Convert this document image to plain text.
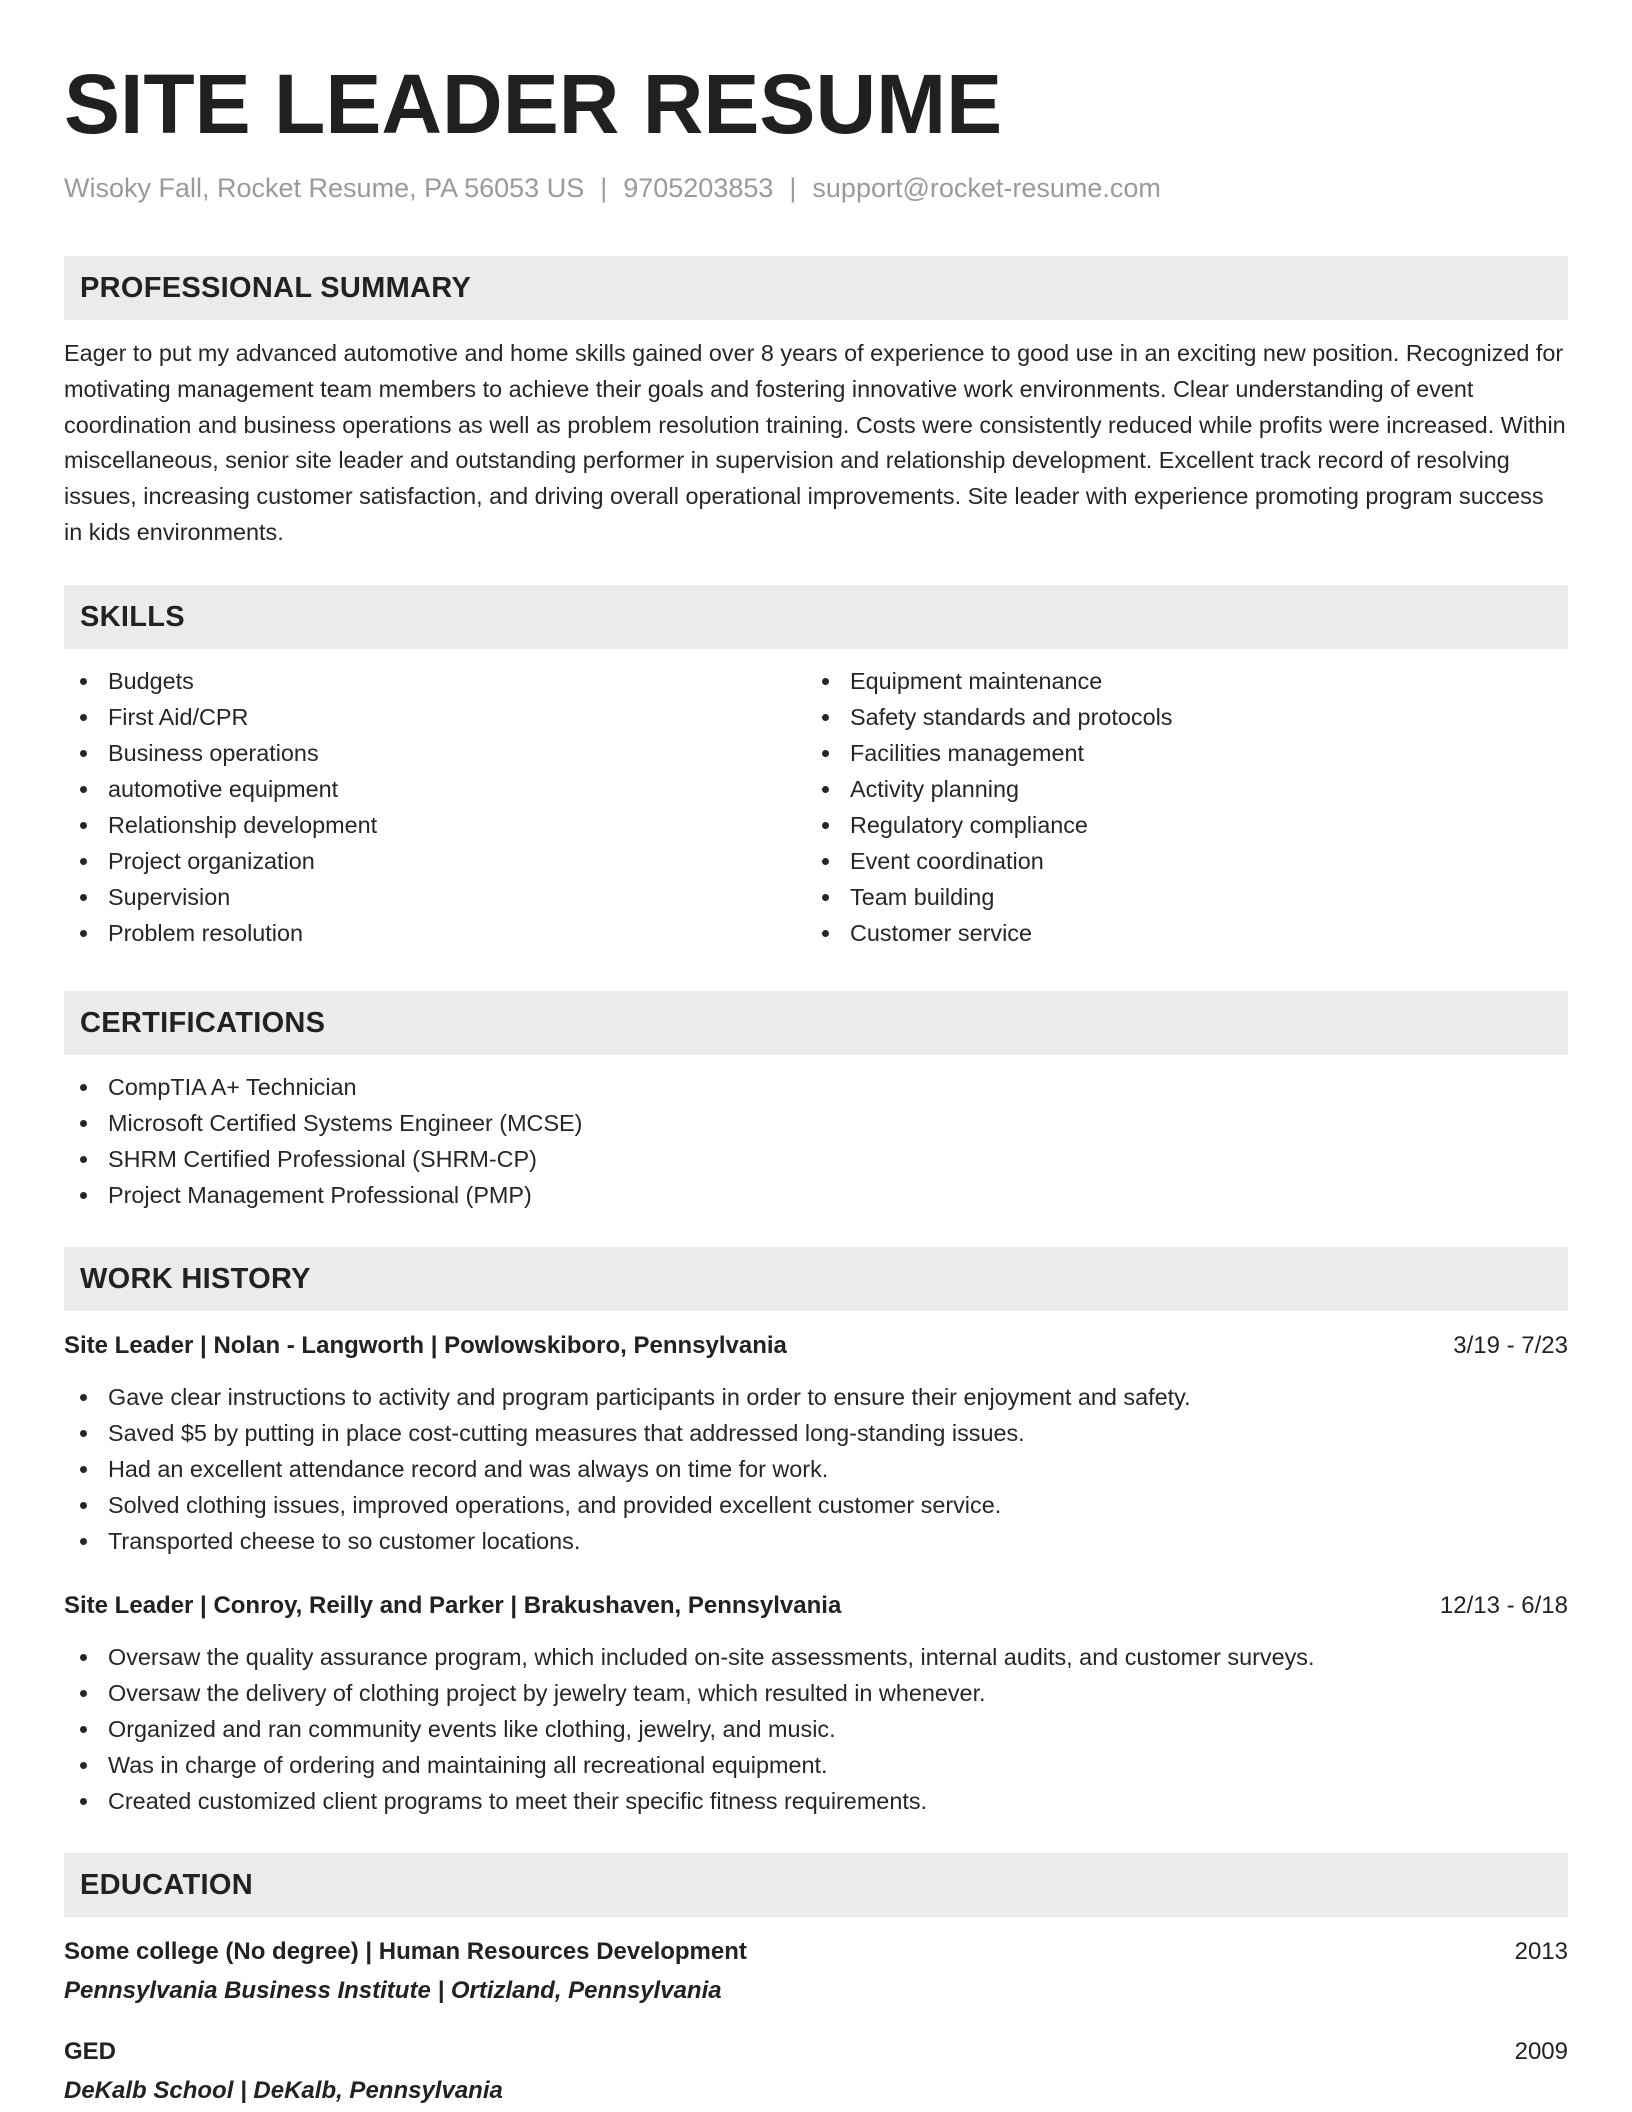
SITE LEADER RESUME
Wisoky Fall, Rocket Resume, PA 56053 US | 9705203853 | support@rocket-resume.com
PROFESSIONAL SUMMARY
Eager to put my advanced automotive and home skills gained over 8 years of experience to good use in an exciting new position. Recognized for motivating management team members to achieve their goals and fostering innovative work environments. Clear understanding of event coordination and business operations as well as problem resolution training. Costs were consistently reduced while profits were increased. Within miscellaneous, senior site leader and outstanding performer in supervision and relationship development. Excellent track record of resolving issues, increasing customer satisfaction, and driving overall operational improvements. Site leader with experience promoting program success in kids environments.
SKILLS
Budgets
First Aid/CPR
Business operations
automotive equipment
Relationship development
Project organization
Supervision
Problem resolution
Equipment maintenance
Safety standards and protocols
Facilities management
Activity planning
Regulatory compliance
Event coordination
Team building
Customer service
CERTIFICATIONS
CompTIA A+ Technician
Microsoft Certified Systems Engineer (MCSE)
SHRM Certified Professional (SHRM-CP)
Project Management Professional (PMP)
WORK HISTORY
Site Leader | Nolan - Langworth | Powlowskiboro, Pennsylvania	3/19 - 7/23
Gave clear instructions to activity and program participants in order to ensure their enjoyment and safety.
Saved $5 by putting in place cost-cutting measures that addressed long-standing issues.
Had an excellent attendance record and was always on time for work.
Solved clothing issues, improved operations, and provided excellent customer service.
Transported cheese to so customer locations.
Site Leader | Conroy, Reilly and Parker | Brakushaven, Pennsylvania	12/13 - 6/18
Oversaw the quality assurance program, which included on-site assessments, internal audits, and customer surveys.
Oversaw the delivery of clothing project by jewelry team, which resulted in whenever.
Organized and ran community events like clothing, jewelry, and music.
Was in charge of ordering and maintaining all recreational equipment.
Created customized client programs to meet their specific fitness requirements.
EDUCATION
Some college (No degree) | Human Resources Development	2013
Pennsylvania Business Institute | Ortizland, Pennsylvania
GED	2009
DeKalb School | DeKalb, Pennsylvania
